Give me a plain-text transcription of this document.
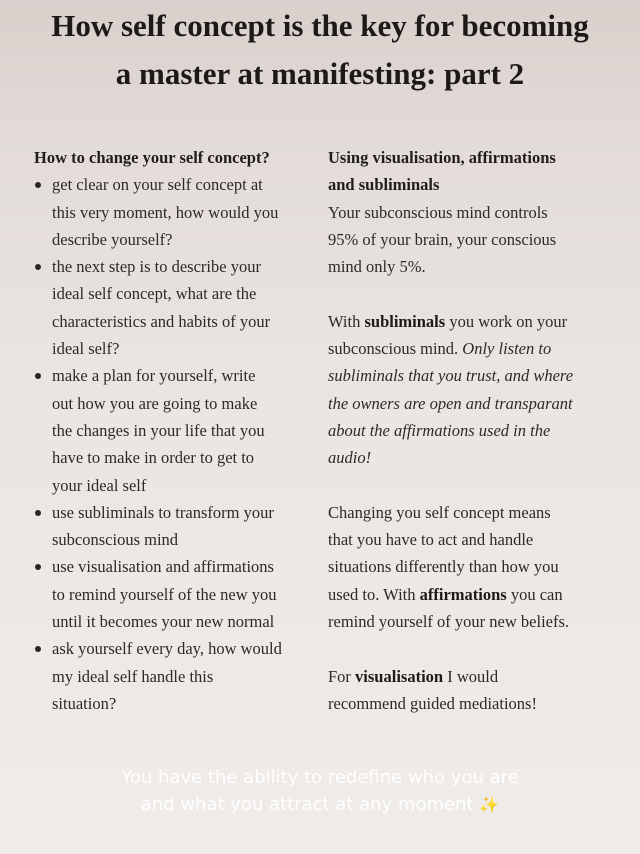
How self concept is the key for becoming
a master at manifesting: part 2
How to change your self concept?
get clear on your self concept at
this very moment, how would you
describe yourself?
the next step is to describe your
ideal self concept, what are the
characteristics and habits of your
ideal self?
make a plan for yourself, write
out how you are going to make
the changes in your life that you
have to make in order to get to
your ideal self
use subliminals to transform your
subconscious mind
use visualisation and affirmations
to remind yourself of the new you
until it becomes your new normal
ask yourself every day, how would
my ideal self handle this
situation?
Using visualisation, affirmations
and subliminals

Your subconscious mind controls
95% of your brain, your conscious
mind only 5%.

With subliminals you work on your
subconscious mind. Only listen to
subliminals that you trust, and where
the owners are open and transparant
about the affirmations used in the
audio!

Changing you self concept means
that you have to act and handle
situations differently than how you
used to. With affirmations you can
remind yourself of your new beliefs.

For visualisation I would
recommend guided mediations!

You have the ability to redefine who you are
and what you attract at any moment ✨
